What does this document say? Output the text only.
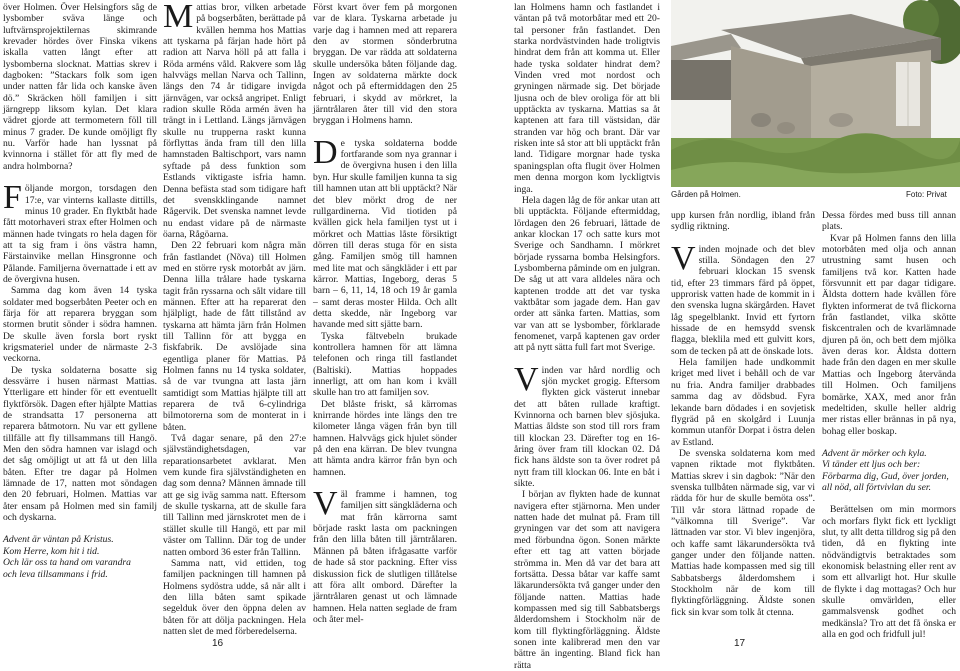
över Holmen. Över Helsingfors såg de lysbomber sväva länge och luftvärnsprojektilernas skimrande krevader hördes över Finska vikens iskalla vatten långt efter att lysbomberna slocknat. Mattias skrev i dagboken: ”Stackars folk som igen under natten får lida och kanske även dö.” Skräcken höll familjen i sitt järngrepp liksom kylan. Det klara vädret gjorde att termometern föll till minus 7 grader. De kunde omöjligt fly nu. Varför hade han lyssnat på kvinnorna i stället för att fly med de andra holmborna?

Följande morgon, torsdagen den 17:e, var vinterns kallaste dittills, minus 10 grader. En flyktbåt hade fått motorhaveri strax efter Holmen och männen hade tvingats ro hela dagen för att ta sig fram i öns västra hamn, Färstainvike mellan Hinsgronne och Pålande. Familjerna övernattade i ett av de övergivna husen.

Samma dag kom även 14 tyska soldater med bogserbåten Peeter och en färja för att reparera bryggan som stormen brutit sönder i södra hamnen. De skulle även forsla bort ryskt krigsmateriel under de närmaste 2-3 veckorna.

De tyska soldaterna bosatte sig dessvärre i husen närmast Mattias. Ytterligare ett hinder för ett eventuellt flyktförsök. Dagen efter hjälpte Mattias de strandsatta 17 personerna att reparera båtmotorn. Nu var ett gyllene tillfälle att fly tillsammans till Hangö. Men den södra hamnen var islagd och det såg omöjligt ut att få ut den lilla båten. Efter tre dagar på Holmen lämnade de 17, natten mot söndagen den 20 februari, Holmen. Mattias var åter ensam på Holmen med sin familj och dyskarna.

Advent är väntan på Kristus.
Kom Herre, kom hit i tid.
Och lär oss ta hand om varandra
och leva tillsammans i frid.

Mattias bror, vilken arbetade på bogserbåten, berättade på kvällen hemma hos Mattias att tyskarna på färjan hade hört på radion att Narva höll på att falla i Röda arméns våld. Rakvere som låg halvvägs mellan Narva och Tallinn, längs den 74 år tidigare invigda järnvägen, var också angripet. Enligt radion skulle Röda armén även ha trängt in i Lettland. Längs järnvägen skulle nu trupperna raskt kunna förflyttas ända fram till den lilla hamnstaden Baltischport, vars namn syftade på dess funktion som Estlands viktigaste isfria hamn. Denna befästa stad som tidigare haft det svenskklingande namnet Rågervik. Det svenska namnet levde nu endast vidare på de närmaste öarna, Rågöarna.

Den 22 februari kom några män från fastlandet (Nõva) till Holmen med en större rysk motorbåt av järn. Denna lilla trålare hade tyskarna tagit från ryssarna och sålt vidare till männen. Efter att ha reparerat den hjälpligt, hade de fått tillstånd av tyskarna att hämta järn från Holmen till Tallinn för att bygga en fiskfabrik. De avslöjade sina egentliga planer för Mattias. På Holmen fanns nu 14 tyska soldater, så de var tvungna att lasta järn samtidigt som Mattias hjälpte till att reparera de två 6-cylindriga bilmotorerna som de monterat in i båten.

Två dagar senare, på den 27:e självständighetsdagen, var reparationsarbetet avklarat. Men vem kunde fira självständigheten en dag som denna? Männen ämnade till att ge sig iväg samma natt. Eftersom de skulle tyskarna, att de skulle fara till Tallinn med järnskrotet men de i stället skulle till Hangö, ett par mil väster om Tallinn. Där tog de under natten ombord 36 ester från Tallinn.

Samma natt, vid ettiden, tog familjen packningen till hamnen på Holmens sydöstra udde, så när allt i den lilla båten samt spikade segelduk över den öppna delen av båten för att dölja packningen. Hela natten slet de med förberedelserna.

Först kvart över fem på morgonen var de klara. Tyskarna arbetade ju varje dag i hamnen med att reparera den av stormen sönderbrutna bryggan. De var rädda att soldaterna skulle undersöka båten följande dag. Ingen av soldaterna märkte dock något och på eftermiddagen den 25 februari, i skydd av mörkret, la järntrålaren åter till vid den stora bryggan i Holmens hamn.

De tyska soldaterna bodde fortfarande som nya grannar i de övergivna husen i den lilla byn. Hur skulle familjen kunna ta sig till hamnen utan att bli upptäckt? När det blev mörkt drog de ner rullgardinerna. Vid tiotiden på kvällen gick hela familjen tyst ut i mörkret och Mattias låste försiktigt dörren till deras stuga för en sista gång. Familjen smög till hamnen med lite mat och sängkläder i ett par kärror. Mattias, Ingeborg, deras 5 barn – 6, 11, 14, 18 och 19 år gamla – samt deras moster Hilda. Och allt detta skedde, när Ingeborg var havande med sitt sjätte barn.

Tyska fältvebeln brukade kontrollera hamnen för att lämna telefonen och ringa till fastlandet (Baltiski). Mattias hoppades innerligt, att om han kom i kväll skulle han tro att familjen sov.

Det blåste friskt, så kärromas knirrande hördes inte längs den tre kilometer långa vägen från byn till hamnen. Halvvägs gick hjulet sönder på den ena kärran. De blev tvungna att hämta andra kärror från byn och hamnen.

Väl framme i hamnen, tog familjen sitt sängkläderna och mat från kärrorna samt började raskt lasta om packningen från den lilla båten till järntrålaren. Männen på båten ifrågasatte varför de hade så stor packning. Efter viss diskussion fick de slutligen tillåtelse att föra allt ombord. Därefter la järntrålaren genast ut och lämnade hamnen. Hela natten seglade de fram och åter mel-

lan Holmens hamn och fastlandet i väntan på två motorbåtar med ett 20-tal personer från fastlandet. Den starka nordvästvinden hade troligtvis hindrat dem från att komma ut. Eller hade tyska soldater hindrat dem? Vinden vred mot nordost och gryningen närmade sig. Det började ljusna och de blev oroliga för att bli upptäckta av tyskarna. Mattias sa åt kaptenen att fara till västsidan, där stranden var hög och brant. Där var risken inte så stor att bli upptäckt från land. Tidigare morgnar hade tyska spaningsplan ofta flugit över Holmen men denna morgon kom lyckligtvis inga.

Hela dagen låg de för ankar utan att bli upptäckta. Följande eftermiddag, lördagen den 26 februari, lättade de ankar klockan 17 och satte kurs mot Sverige och Sandhamn. I mörkret började ryssarna bomba Helsingfors. Lysbomberna påminde om en julgran. De såg ut att vara alldeles nära och kaptenen trodde att det var tyska vaktbåtar som jagade dem. Han gav order att sänka farten. Mattias, som var van att se lysbomber, förklarade fenomenet, varpå kaptenen gav order att på nytt sätta full fart mot Sverige.

Vinden var hård nordlig och sjön mycket grogig. Eftersom flykten gick västerut innebar det att båten rullade kraftigt. Kvinnorna och barnen blev sjösjuka. Mattias åldste son stod till rors fram till klockan 23. Därefter tog en 16-åring över fram till klockan 02. Då fick hans äldste son ta över rodret på nytt fram till klockan 06. Inte en båt i sikte.

I början av flykten hade de kunnat navigera efter stjärnorna. Men under natten hade det mulnat på. Fram till gryningen var det som att navigera med förbundna ögon. Sonen märkte efter ett tag att vatten började strömma in. Men då var det bara att fortsätta. Dessa båtar var kaffe samt läkarundersökta två ganger under den följande natten. Mattias hade kompassen med sig till Sabbatsbergs ålderdomshem i Stockholm när de kom till flyktingförläggning. Äldste sonen inte kalibrerad men den var bättre än ingenting. Bland fick han rätta

Gården på Holmen.	Foto: Privat

upp kursen från nordlig, ibland från sydlig riktning.

Vinden mojnade och det blev stilla. Söndagen den 27 februari klockan 15 svensk tid, efter 23 timmars färd på öppet, upprorisk vatten hade de kommit in i den svenska lugna skärgården. Havet låg spegelblankt. Invid ett fyrtorn hissade de en hemsydd svensk flagga, bleklila med ett gulvitt kors, som de tecken på att de önskade lots.

Hela familjen hade undkommit kriget med livet i behåll och de var nu fria. Andra familjer drabbades samma dag av dödsbud. Fyra lekande barn dödades i en sovjetisk flygräd på en skolgård i Luunja kommun utanför Dorpat i östra delen av Estland.

De svenska soldaterna kom med vapnen riktade mot flyktbåten. Mattias skrev i sin dagbok: ”När den svenska tullbåten närmade sig, var vi rädda för hur de skulle bemöta oss”. Till vår stora lättnad ropade de ”välkomna till Sverige”. Var lättnaden var stor. Vi blev ingenjöra, och kaffe samt läkarundersökta två ganger under den följande natten. Mattias hade kompassen med sig till Sabbatsbergs ålderdomshem i Stockholm när de kom till flyktingförläggning. Äldste sonen fick sin kvar som tolk åt ctenna.

Dessa fördes med buss till annan plats.

Kvar på Holmen fanns den lilla motorbåten med olja och annan utrustning samt husen och familjens två kor. Katten hade försvunnit ett par dagar tidigare. Äldsta dottern hade kvällen före flykten informerat de två flickorna från fastlandet, vilka skötte fiskcentralen och de kvarlämnade djuren på ön, och bett dem mjölka även deras kor. Äldsta dottern hade från den dagen en mer skulle Mattias och Ingeborg återvända till Holmen. Och familjens bomärke, XAX, med anor från medeltiden, skulle heller aldrig mer ristas eller brännas in på nya, bohag eller boskap.

Advent är mörker och kyla.
Vi tänder ett ljus och ber:
Förbarma dig, Gud, över jorden,
all nöd, all förtvivlan du ser.

Berättelsen om min mormors och morfars flykt fick ett lyckligt slut, ty allt detta tilldrog sig på den tiden, då en flykting inte nödvändigtvis betraktades som ekonomisk belastning eller rent av som ett allvarligt hot. Hur skulle de flykte i dag mottagas? Och hur skulle omvärlden, eller gammalsvensk godhet och medkänsla? Tro att det få önska er alla en god och fridfull jul!

16	17
